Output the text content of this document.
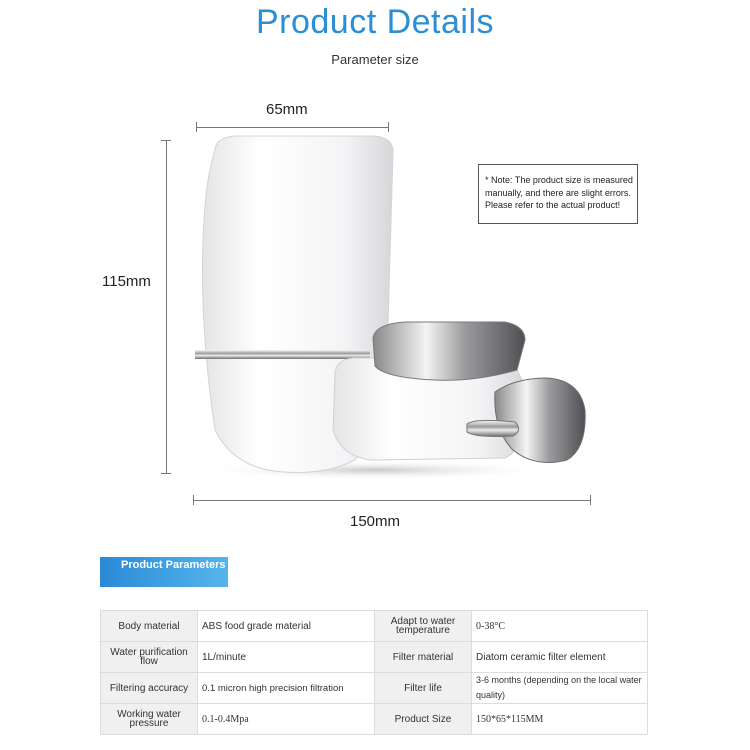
Product Details
Parameter size
65mm
115mm
150mm
* Note: The product size is measured manually, and there are slight errors. Please refer to the actual product!
Product Parameters
Body material	ABS food grade material	Adapt to water temperature	0-38°C
Water purification flow	1L/minute	Filter material	Diatom ceramic filter element
Filtering accuracy	0.1 micron high precision filtration	Filter life	3-6 months (depending on the local water quality)
Working water pressure	0.1-0.4Mpa	Product Size	150*65*115MM
